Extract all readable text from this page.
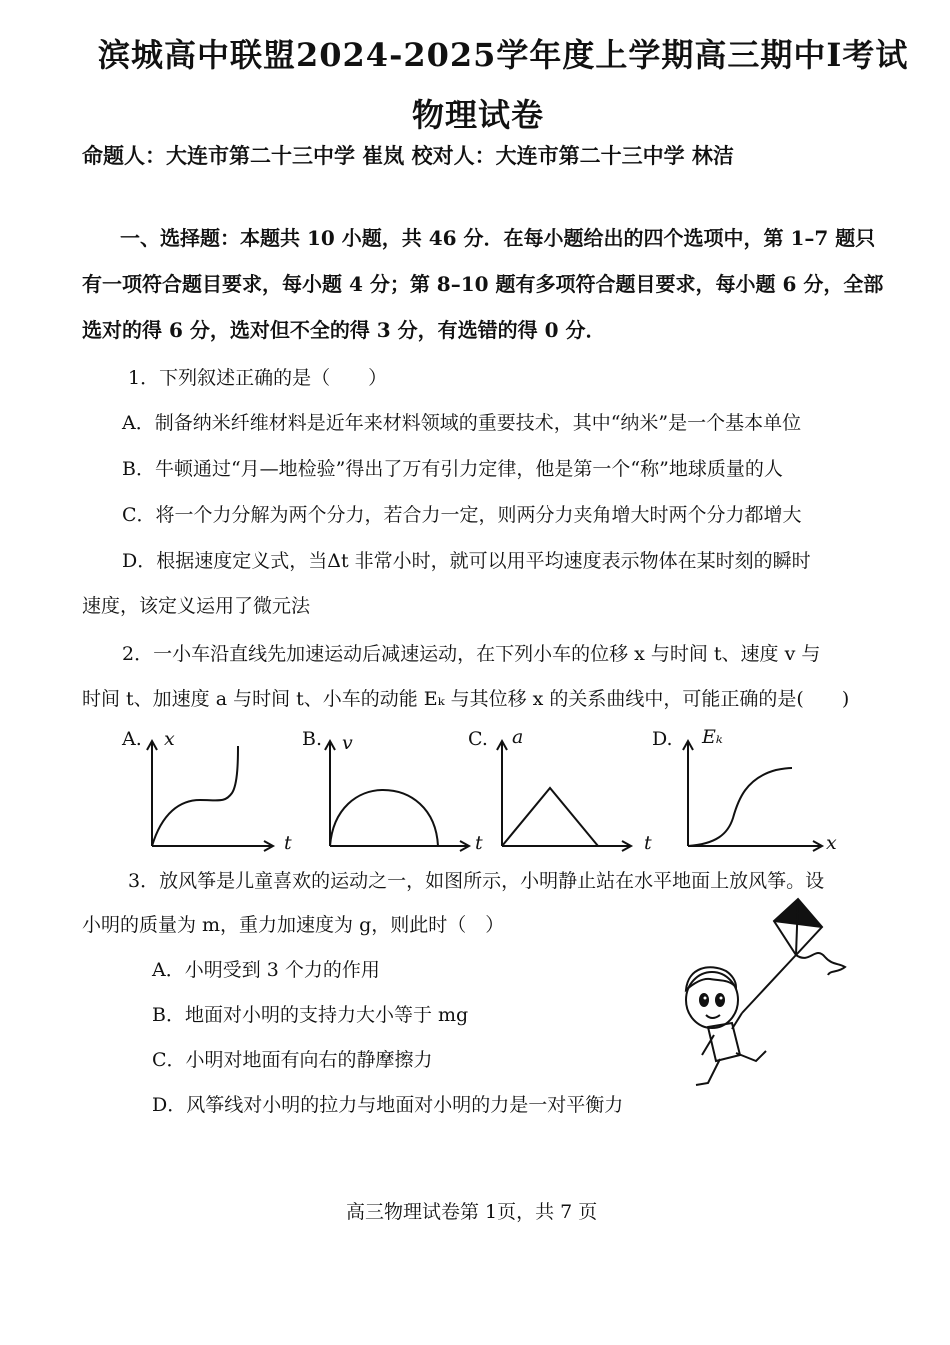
滨城高中联盟2024-2025学年度上学期高三期中Ⅰ考试
物理试卷
命题人：大连市第二十三中学 崔岚 校对人：大连市第二十三中学 林洁
一、选择题：本题共 10 小题，共 46 分．在每小题给出的四个选项中，第 1–7 题只
有一项符合题目要求，每小题 4 分；第 8–10 题有多项符合题目要求，每小题 6 分，全部
选对的得 6 分，选对但不全的得 3 分，有选错的得 0 分．
1．下列叙述正确的是（　　）
A．制备纳米纤维材料是近年来材料领域的重要技术，其中“纳米”是一个基本单位
B．牛顿通过“月—地检验”得出了万有引力定律，他是第一个“称”地球质量的人
C．将一个力分解为两个分力，若合力一定，则两分力夹角增大时两个分力都增大
D．根据速度定义式，当Δt 非常小时，就可以用平均速度表示物体在某时刻的瞬时
速度，该定义运用了微元法
2．一小车沿直线先加速运动后减速运动，在下列小车的位移 x 与时间 t、速度 v 与
时间 t、加速度 a 与时间 t、小车的动能 Eₖ 与其位移 x 的关系曲线中，可能正确的是(　　)
A. x
t
B. v
t
C. a
t
D. Eₖ
x
3．放风筝是儿童喜欢的运动之一，如图所示，小明静止站在水平地面上放风筝。设
小明的质量为 m，重力加速度为 g，则此时（　）
A．小明受到 3 个力的作用
B．地面对小明的支持力大小等于 mg
C．小明对地面有向右的静摩擦力
D．风筝线对小明的拉力与地面对小明的力是一对平衡力
高三物理试卷第 1页，共 7 页
